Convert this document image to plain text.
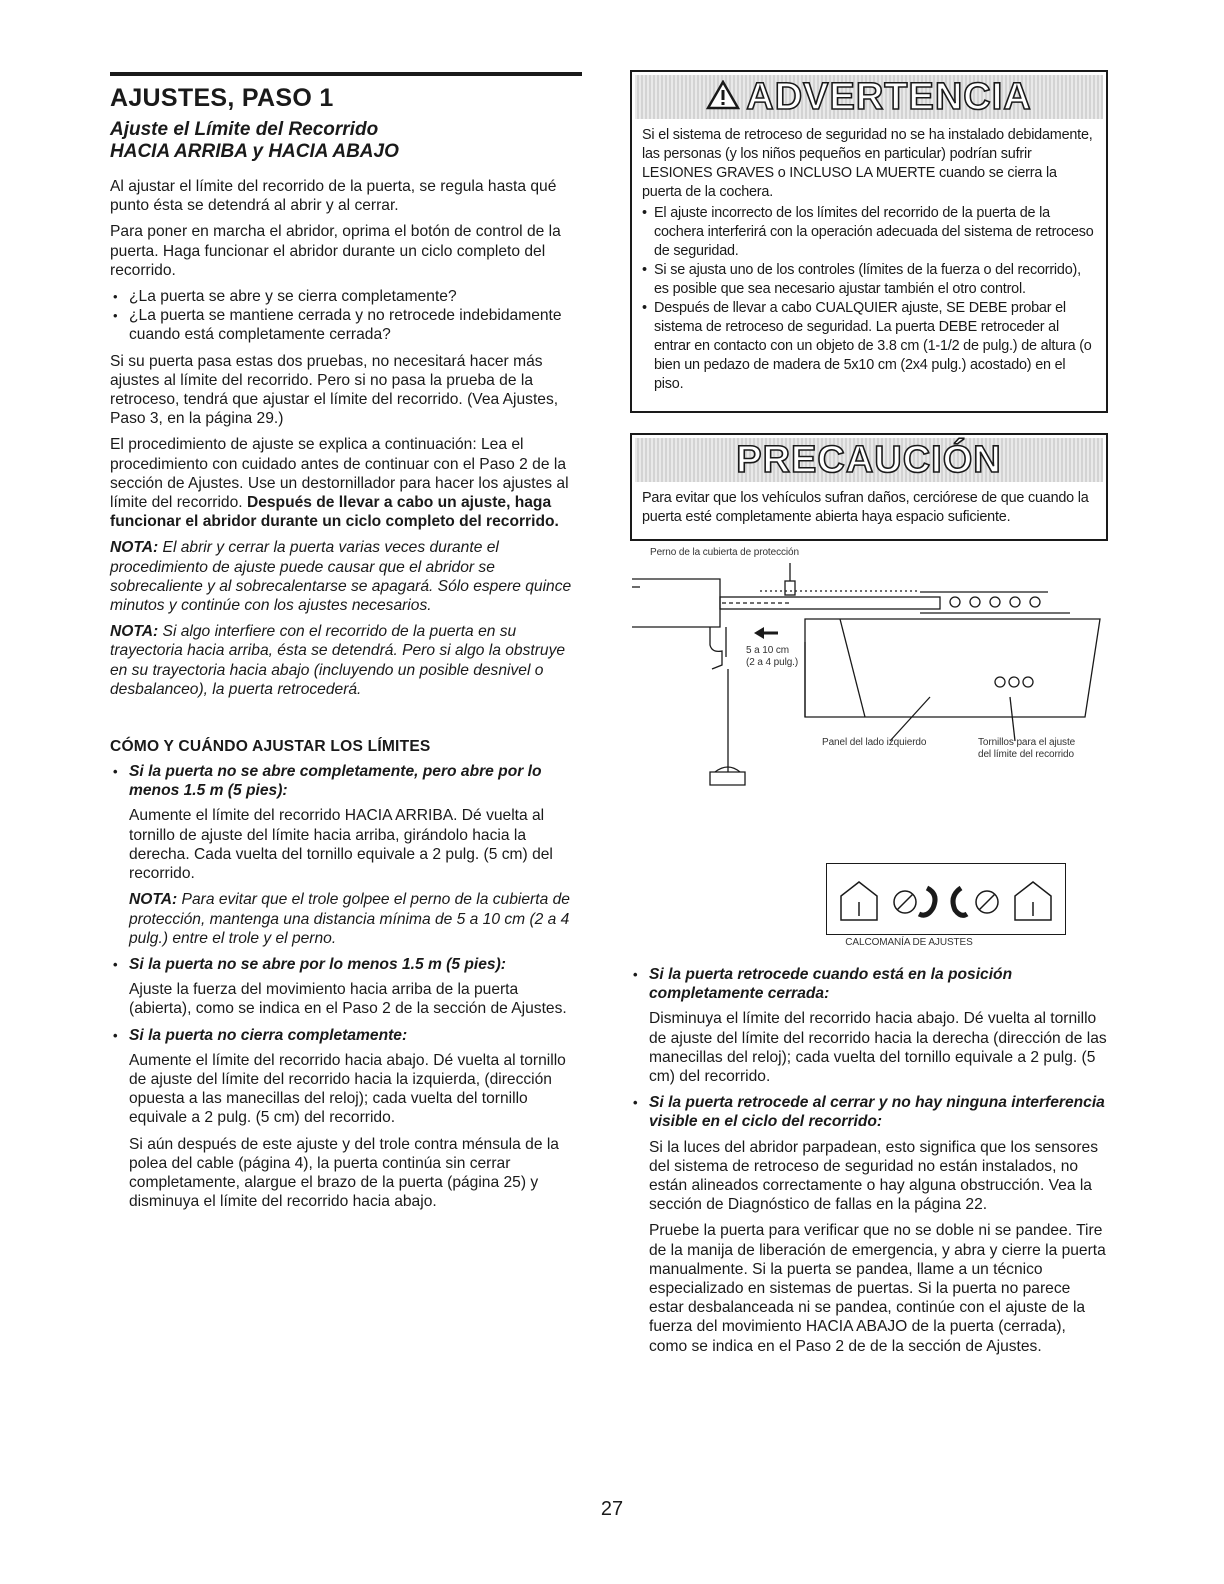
AJUSTES, PASO 1
Ajuste el Límite del Recorrido
HACIA ARRIBA y HACIA ABAJO

Al ajustar el límite del recorrido de la puerta, se regula hasta qué punto ésta se detendrá al abrir y al cerrar.

Para poner en marcha el abridor, oprima el botón de control de la puerta. Haga funcionar el abridor durante un ciclo completo del recorrido.

• ¿La puerta se abre y se cierra completamente?
• ¿La puerta se mantiene cerrada y no retrocede indebidamente cuando está completamente cerrada?

Si su puerta pasa estas dos pruebas, no necesitará hacer más ajustes al límite del recorrido. Pero si no pasa la prueba de la retroceso, tendrá que ajustar el límite del recorrido. (Vea Ajustes, Paso 3, en la página 29.)

El procedimiento de ajuste se explica a continuación: Lea el procedimiento con cuidado antes de continuar con el Paso 2 de la sección de Ajustes. Use un destornillador para hacer los ajustes al límite del recorrido. Después de llevar a cabo un ajuste, haga funcionar el abridor durante un ciclo completo del recorrido.

NOTA: El abrir y cerrar la puerta varias veces durante el procedimiento de ajuste puede causar que el abridor se sobrecaliente y al sobrecalentarse se apagará. Sólo espere quince minutos y continúe con los ajustes necesarios.

NOTA: Si algo interfiere con el recorrido de la puerta en su trayectoria hacia arriba, ésta se detendrá. Pero si algo la obstruye en su trayectoria hacia abajo (incluyendo un posible desnivel o desbalanceo), la puerta retrocederá.

CÓMO Y CUÁNDO AJUSTAR LOS LÍMITES
• Si la puerta no se abre completamente, pero abre por lo menos 1.5 m (5 pies):

Aumente el límite del recorrido HACIA ARRIBA. Dé vuelta al tornillo de ajuste del límite hacia arriba, girándolo hacia la derecha. Cada vuelta del tornillo equivale a 2 pulg. (5 cm) del recorrido.

NOTA: Para evitar que el trole golpee el perno de la cubierta de protección, mantenga una distancia mínima de 5 a 10 cm (2 a 4 pulg.) entre el trole y el perno.

• Si la puerta no se abre por lo menos 1.5 m (5 pies):

Ajuste la fuerza del movimiento hacia arriba de la puerta (abierta), como se indica en el Paso 2 de la sección de Ajustes.

• Si la puerta no cierra completamente:

Aumente el límite del recorrido hacia abajo. Dé vuelta al tornillo de ajuste del límite del recorrido hacia la izquierda, (dirección opuesta a las manecillas del reloj); cada vuelta del tornillo equivale a 2 pulg. (5 cm) del recorrido.

Si aún después de este ajuste y del trole contra ménsula de la polea del cable (página 4), la puerta continúa sin cerrar completamente, alargue el brazo de la puerta (página 25) y disminuya el límite del recorrido hacia abajo.

ADVERTENCIA

Si el sistema de retroceso de seguridad no se ha instalado debidamente, las personas (y los niños pequeños en particular) podrían sufrir LESIONES GRAVES o INCLUSO LA MUERTE cuando se cierra la puerta de la cochera.

• El ajuste incorrecto de los límites del recorrido de la puerta de la cochera interferirá con la operación adecuada del sistema de retroceso de seguridad.
• Si se ajusta uno de los controles (límites de la fuerza o del recorrido), es posible que sea necesario ajustar también el otro control.
• Después de llevar a cabo CUALQUIER ajuste, SE DEBE probar el sistema de retroceso de seguridad. La puerta DEBE retroceder al entrar en contacto con un objeto de 3.8 cm (1-1/2 de pulg.) de altura (o bien un pedazo de madera de 5x10 cm (2x4 pulg.) acostado) en el piso.
PRECAUCIÓN

Para evitar que los vehículos sufran daños, cerciórese de que cuando la puerta esté completamente abierta haya espacio suficiente.

Perno de la cubierta de protección
5 a 10 cm
(2 a 4 pulg.)
Panel del lado izquierdo	Tornillos para el ajuste
del límite del recorrido
CALCOMANÍA DE AJUSTES
• Si la puerta retrocede cuando está en la posición completamente cerrada:

Disminuya el límite del recorrido hacia abajo. Dé vuelta al tornillo de ajuste del límite del recorrido hacia la derecha (dirección de las manecillas del reloj); cada vuelta del tornillo equivale a 2 pulg. (5 cm) del recorrido.

• Si la puerta retrocede al cerrar y no hay ninguna interferencia visible en el ciclo del recorrido:

Si la luces del abridor parpadean, esto significa que los sensores del sistema de retroceso de seguridad no están instalados, no están alineados correctamente o hay alguna obstrucción. Vea la sección de Diagnóstico de fallas en la página 22.

Pruebe la puerta para verificar que no se doble ni se pandee. Tire de la manija de liberación de emergencia, y abra y cierre la puerta manualmente. Si la puerta se pandea, llame a un técnico especializado en sistemas de puertas. Si la puerta no parece estar desbalanceada ni se pandea, continúe con el ajuste de la fuerza del movimiento HACIA ABAJO de la puerta (cerrada), como se indica en el Paso 2 de de la sección de Ajustes.

27
